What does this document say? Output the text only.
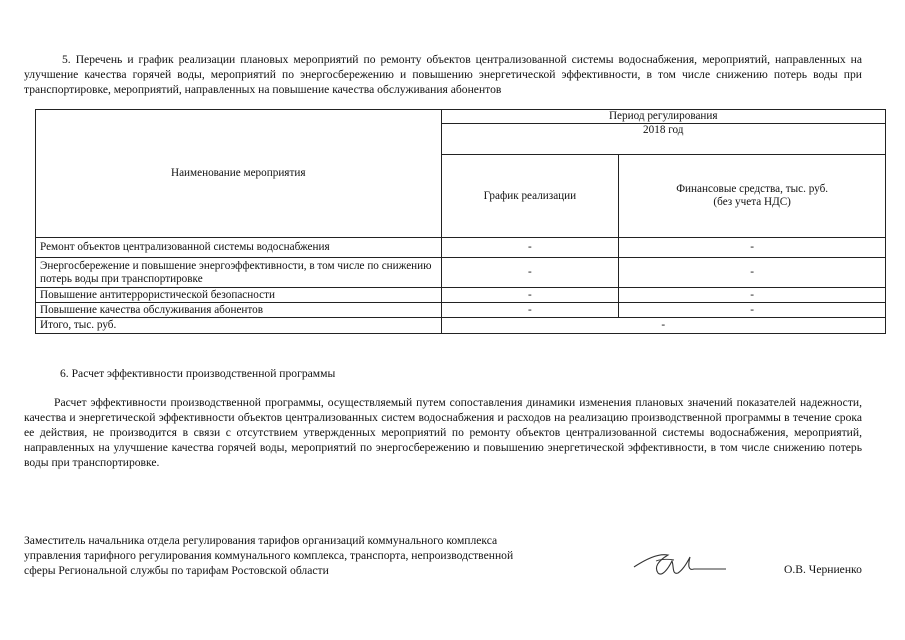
5. Перечень и график реализации плановых мероприятий по ремонту объектов централизованной системы водоснабжения, мероприятий, направленных на улучшение качества горячей воды, мероприятий по энергосбережению и повышению энергетической эффективности, в том числе снижению потерь воды при транспортировке, мероприятий, направленных на повышение качества обслуживания абонентов
Наименование мероприятия	Период регулирования	
	2018 год	
	График реализации	Финансовые средства, тыс. руб.
(без учета НДС)
Ремонт объектов централизованной системы водоснабжения	-	-
Энергосбережение и повышение энергоэффективности, в том числе по снижению потерь воды при транспортировке	-	-
Повышение антитеррористической безопасности	-	-
Повышение качества обслуживания абонентов	-	-
Итого, тыс. руб.	-	
6. Расчет эффективности производственной программы
Расчет эффективности производственной программы, осуществляемый путем сопоставления динамики изменения плановых значений показателей надежности, качества и энергетической эффективности объектов централизованных систем водоснабжения и расходов на реализацию производственной программы в течение срока ее действия, не производится в связи с отсутствием утвержденных мероприятий по ремонту объектов централизованной системы водоснабжения, мероприятий, направленных на улучшение качества горячей воды, мероприятий по энергосбережению и повышению энергетической эффективности, в том числе снижению потерь воды при транспортировке.
Заместитель начальника отдела регулирования тарифов организаций коммунального комплекса
управления тарифного регулирования коммунального комплекса, транспорта, непроизводственной
сферы Региональной службы по тарифам Ростовской области	О.В. Черниенко
